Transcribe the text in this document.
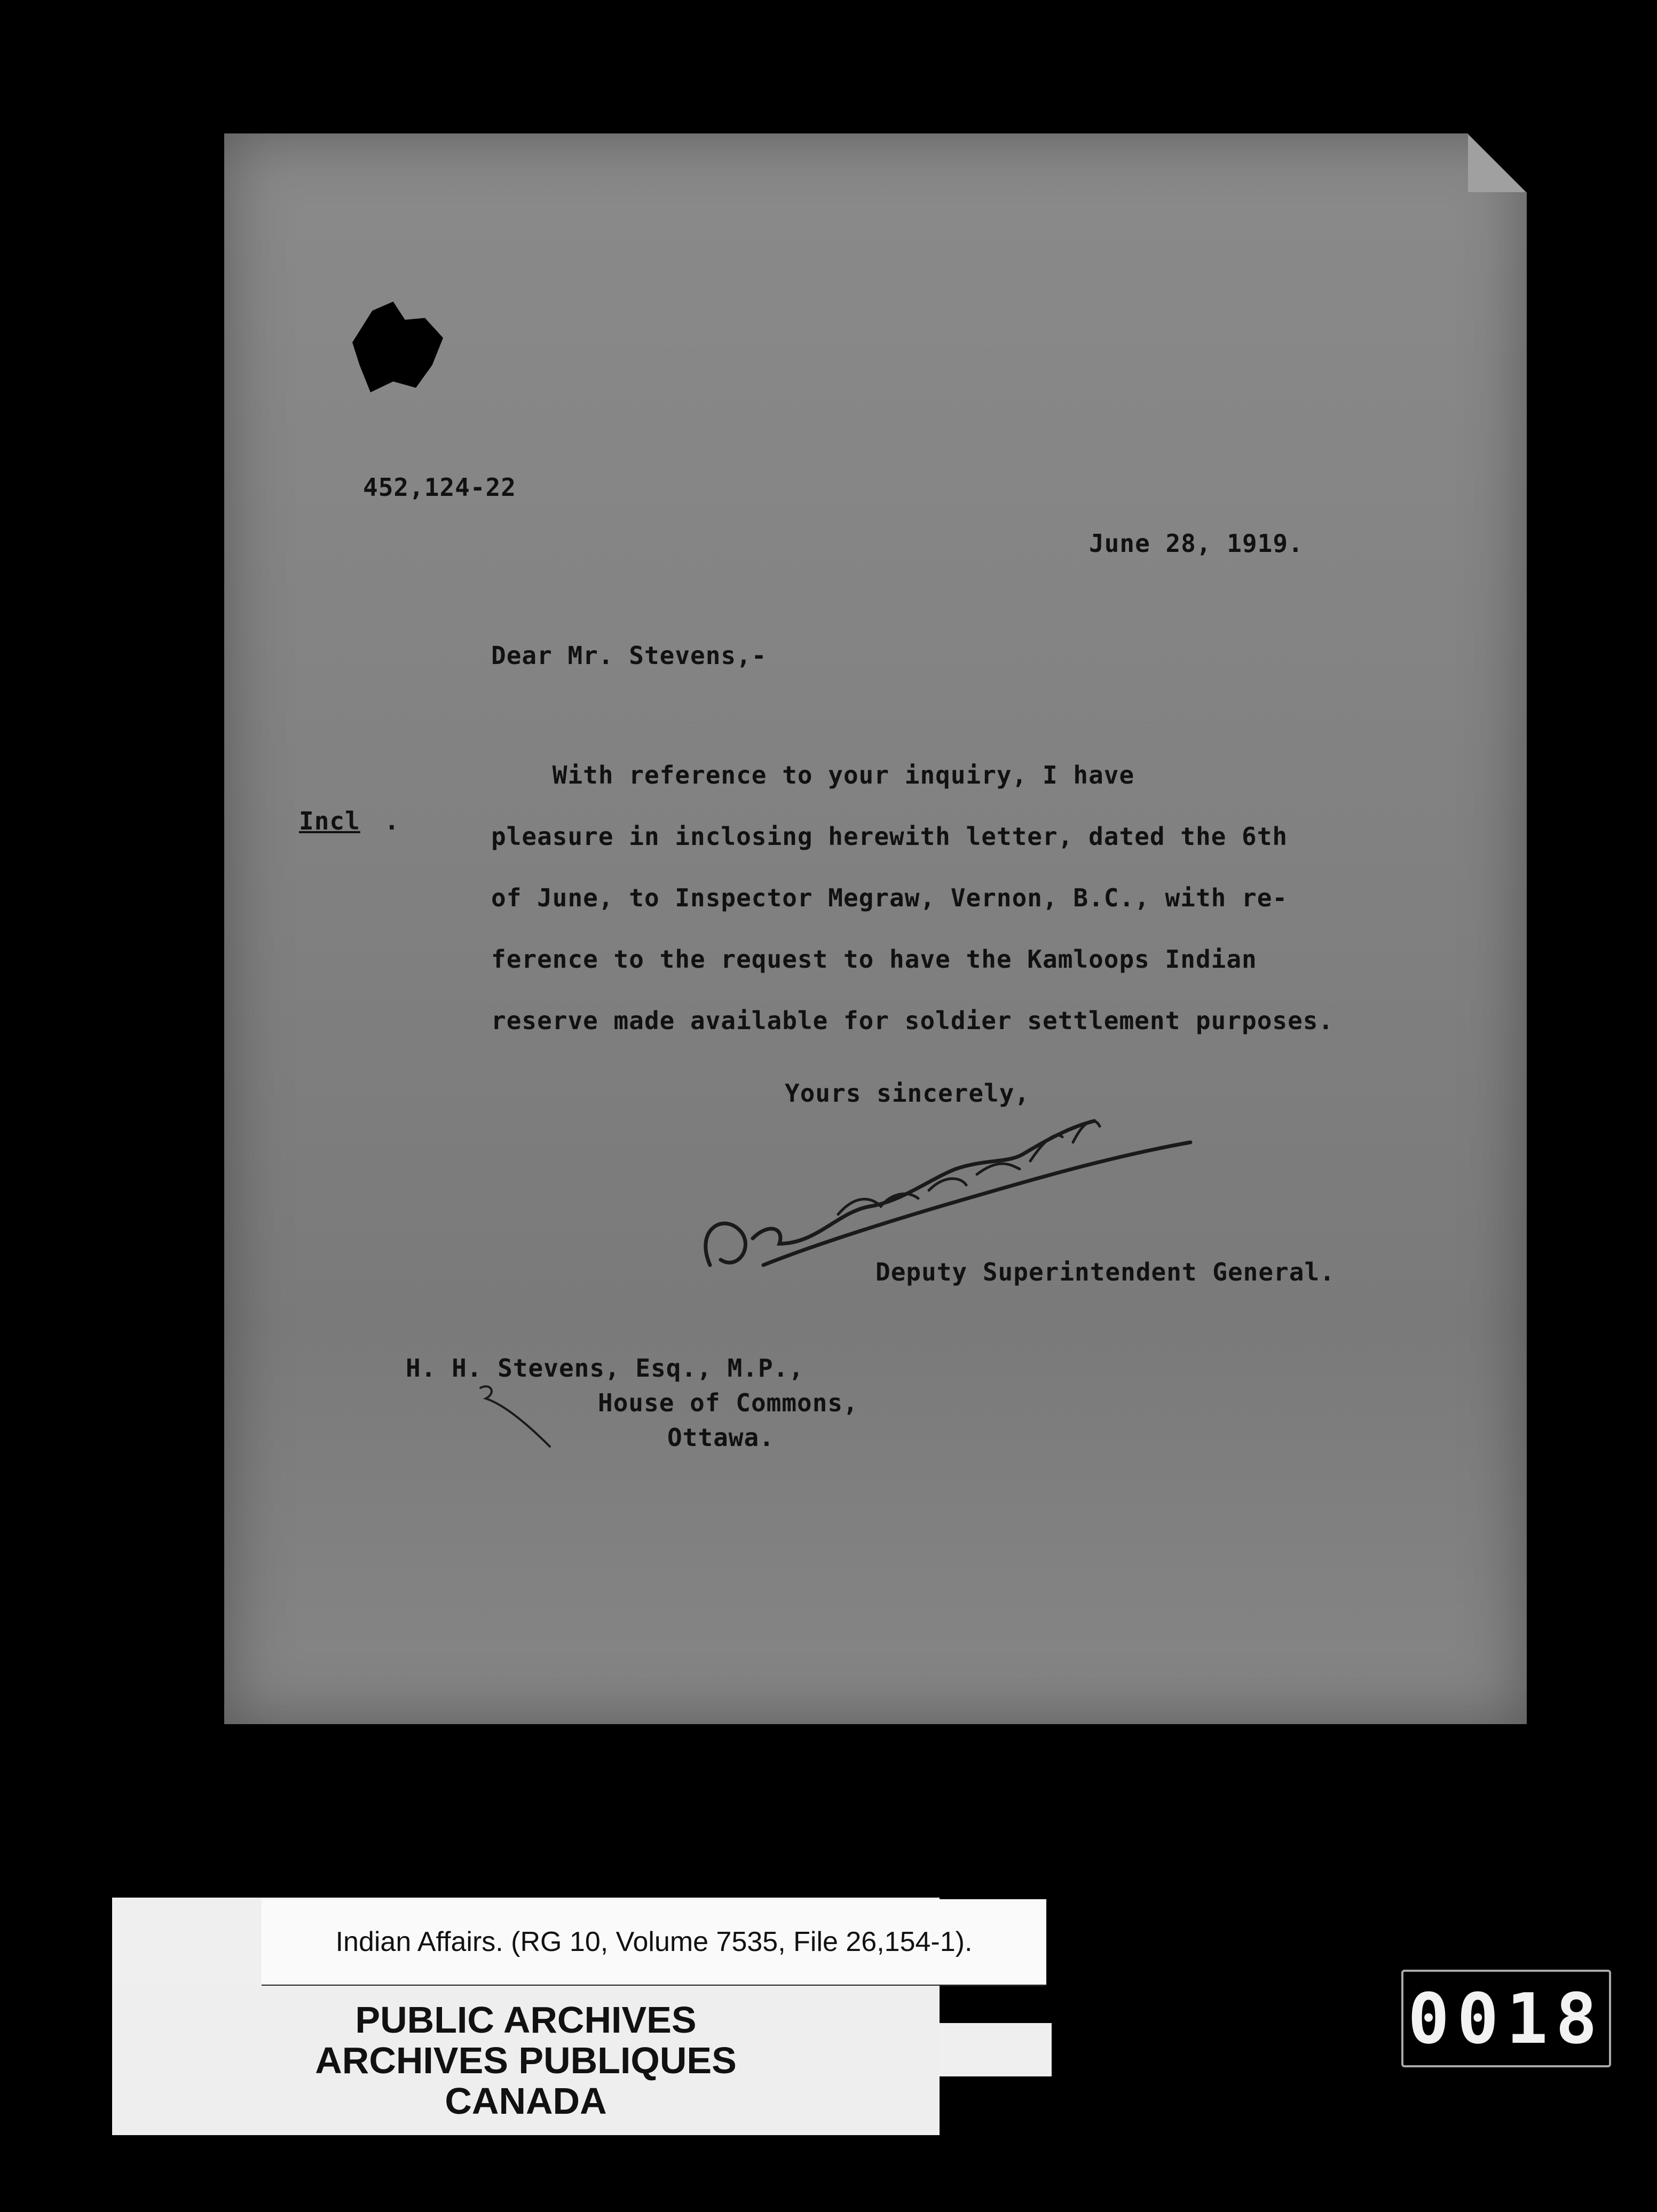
452,124-22
June 28, 1919.
Dear Mr. Stevens,-
Incl .
With reference to your inquiry, I have
pleasure in inclosing herewith letter, dated the 6th
of June, to Inspector Megraw, Vernon, B.C., with re-
ference to the request to have the Kamloops Indian
reserve made available for soldier settlement purposes.
Yours sincerely,
Deputy Superintendent General.
H. H. Stevens, Esq., M.P.,
House of Commons,
Ottawa.
Indian Affairs. (RG 10, Volume 7535, File 26,154-1).
PUBLIC ARCHIVES
ARCHIVES PUBLIQUES
CANADA
0018
